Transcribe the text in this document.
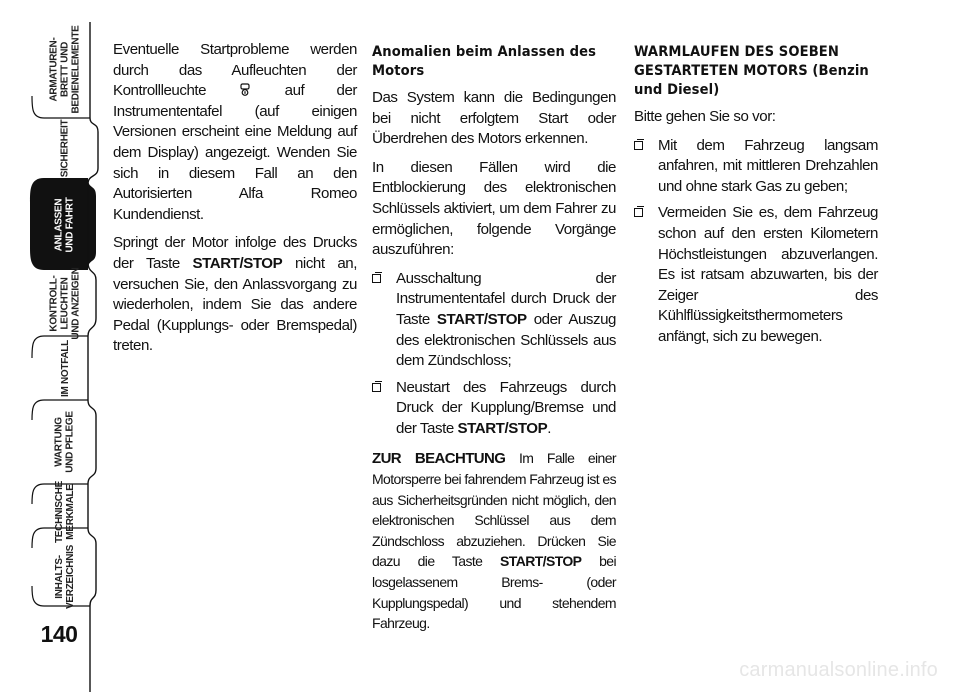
ARMATUREN-
BRETT UND
BEDIENELEMENTE
SICHERHEIT
ANLASSEN
UND FAHRT
KONTROLL-
LEUCHTEN
UND ANZEIGEN
IM NOTFALL
WARTUNG
UND PFLEGE
TECHNISCHE
MERKMALE
INHALTS-
VERZEICHNIS
140

Eventuelle Startprobleme werden durch das Aufleuchten der Kontrollleuchte	auf der Instrumententafel (auf einigen Versionen erscheint eine Meldung auf dem Display) angezeigt. Wenden Sie sich in diesem Fall an den Autorisierten Alfa Romeo Kundendienst.

Springt der Motor infolge des Drucks der Taste START/STOP nicht an, versuchen Sie, den Anlassvorgang zu wiederholen, indem Sie das andere Pedal (Kupplungs- oder Bremspedal) treten.

Anomalien beim Anlassen des Motors

Das System kann die Bedingungen bei nicht erfolgtem Start oder Überdrehen des Motors erkennen.

In diesen Fällen wird die Entblockierung des elektronischen Schlüssels aktiviert, um dem Fahrer zu ermöglichen, folgende Vorgänge auszuführen:

Ausschaltung der Instrumententafel durch Druck der Taste START/STOP oder Auszug des elektronischen Schlüssels aus dem Zündschloss;
Neustart des Fahrzeugs durch Druck der Kupplung/Bremse und der Taste START/STOP.

ZUR BEACHTUNG Im Falle einer Motorsperre bei fahrendem Fahrzeug ist es aus Sicherheitsgründen nicht möglich, den elektronischen Schlüssel aus dem Zündschloss abzuziehen. Drücken Sie dazu die Taste START/STOP bei losgelassenem Brems- (oder Kupplungspedal) und stehendem Fahrzeug.

WARMLAUFEN DES SOEBEN GESTARTETEN MOTORS (Benzin und Diesel)

Bitte gehen Sie so vor:

Mit dem Fahrzeug langsam anfahren, mit mittleren Drehzahlen und ohne stark Gas zu geben;
Vermeiden Sie es, dem Fahrzeug schon auf den ersten Kilometern Höchstleistungen abzuverlangen. Es ist ratsam abzuwarten, bis der Zeiger des Kühlflüssigkeitsthermometers anfängt, sich zu bewegen.
carmanualsonline.info
